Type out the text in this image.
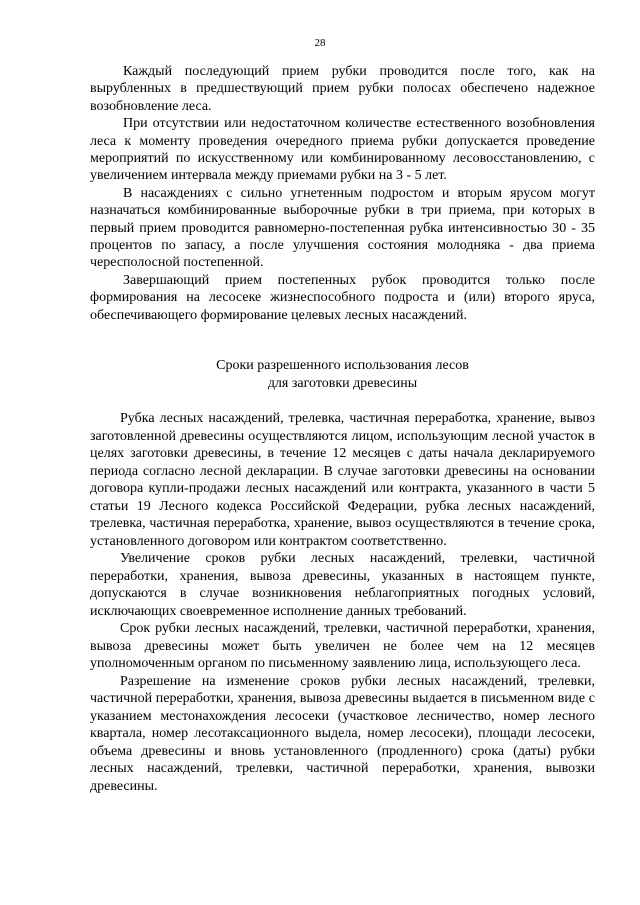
28

Каждый последующий прием рубки проводится после того, как на вырубленных в предшествующий прием рубки полосах обеспечено надежное возобновление леса.

При отсутствии или недостаточном количестве естественного возобновления леса к моменту проведения очередного приема рубки допускается проведение мероприятий по искусственному или комбинированному лесовосстановлению, с увеличением интервала между приемами рубки на 3 - 5 лет.

В насаждениях с сильно угнетенным подростом и вторым ярусом могут назначаться комбинированные выборочные рубки в три приема, при которых в первый прием проводится равномерно-постепенная рубка интенсивностью 30 - 35 процентов по запасу, а после улучшения состояния молодняка - два приема чересполосной постепенной.

Завершающий прием постепенных рубок проводится только после формирования на лесосеке жизнеспособного подроста и (или) второго яруса, обеспечивающего формирование целевых лесных насаждений.

Сроки разрешенного использования лесов
для заготовки древесины

Рубка лесных насаждений, трелевка, частичная переработка, хранение, вывоз заготовленной древесины осуществляются лицом, использующим лесной участок в целях заготовки древесины, в течение 12 месяцев с даты начала декларируемого периода согласно лесной декларации. В случае заготовки древесины на основании договора купли-продажи лесных насаждений или контракта, указанного в части 5 статьи 19 Лесного кодекса Российской Федерации, рубка лесных насаждений, трелевка, частичная переработка, хранение, вывоз осуществляются в течение срока, установленного договором или контрактом соответственно.

Увеличение сроков рубки лесных насаждений, трелевки, частичной переработки, хранения, вывоза древесины, указанных в настоящем пункте, допускаются в случае возникновения неблагоприятных погодных условий, исключающих своевременное исполнение данных требований.

Срок рубки лесных насаждений, трелевки, частичной переработки, хранения, вывоза древесины может быть увеличен не более чем на 12 месяцев уполномоченным органом по письменному заявлению лица, использующего леса.

Разрешение на изменение сроков рубки лесных насаждений, трелевки, частичной переработки, хранения, вывоза древесины выдается в письменном виде с указанием местонахождения лесосеки (участковое лесничество, номер лесного квартала, номер лесотаксационного выдела, номер лесосеки), площади лесосеки, объема древесины и вновь установленного (продленного) срока (даты) рубки лесных насаждений, трелевки, частичной переработки, хранения, вывозки древесины.
